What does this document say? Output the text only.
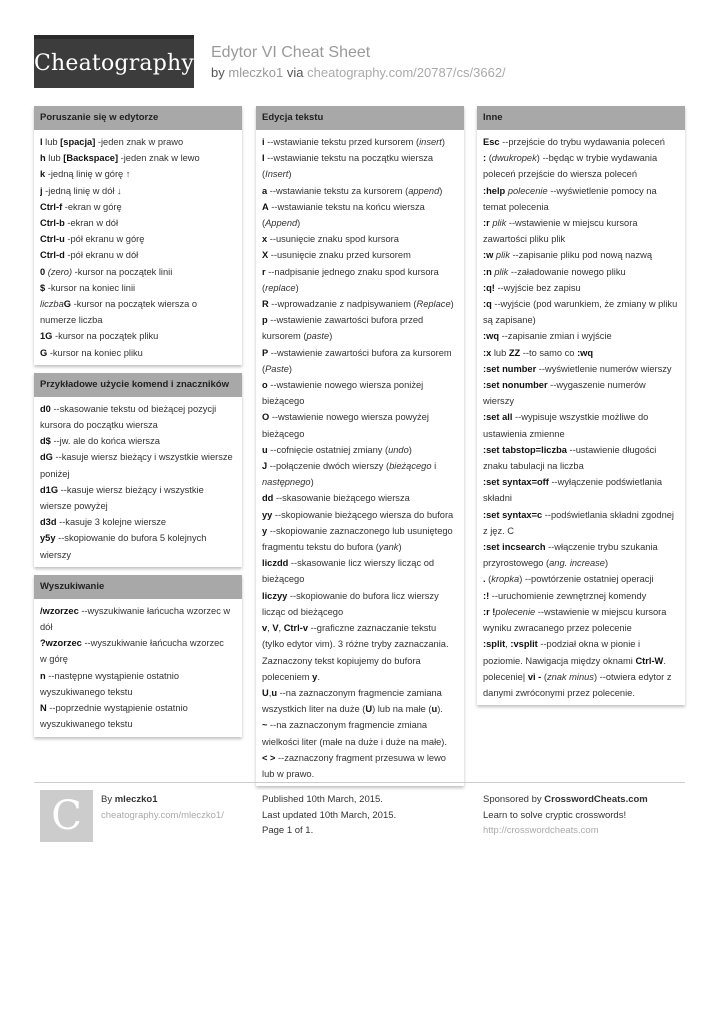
Cheatography Edytor VI Cheat Sheet
by mleczko1 via cheatography.com/20787/cs/3662/
Poruszanie się w edytorze
l lub [spacja] -jeden znak w prawo
h lub [Backspace] -jeden znak w lewo
k -jedną linię w górę ↑
j -jedną linię w dół ↓
Ctrl-f -ekran w górę
Ctrl-b -ekran w dół
Ctrl-u -pół ekranu w górę
Ctrl-d -pół ekranu w dół
0 (zero) -kursor na początek linii
$ -kursor na koniec linii
liczbaG -kursor na początek wiersza o
numerze liczba
1G -kursor na początek pliku
G -kursor na koniec pliku
Przykładowe użycie komend i znaczników
d0 --skasowanie tekstu od bieżącej pozycji
kursora do początku wiersza
d$ --jw. ale do końca wiersza
dG --kasuje wiersz bieżący i wszystkie wiersze
poniżej
d1G --kasuje wiersz bieżący i wszystkie
wiersze powyżej
d3d --kasuje 3 kolejne wiersze
y5y --skopiowanie do bufora 5 kolejnych
wierszy
Wyszukiwanie
/wzorzec --wyszukiwanie łańcucha wzorzec w
dół
?wzorzec --wyszukiwanie łańcucha wzorzec
w górę
n --następne wystąpienie ostatnio
wyszukiwanego tekstu
N --poprzednie wystąpienie ostatnio
wyszukiwanego tekstu
Edycja tekstu
i --wstawianie tekstu przed kursorem (insert)
I --wstawianie tekstu na początku wiersza
(Insert)
a --wstawianie tekstu za kursorem (append)
A --wstawianie tekstu na końcu wiersza
(Append)
x --usunięcie znaku spod kursora
X --usunięcie znaku przed kursorem
r --nadpisanie jednego znaku spod kursora
(replace)
R --wprowadzanie z nadpisywaniem (Replace)
p --wstawienie zawartości bufora przed
kursorem (paste)
P --wstawienie zawartości bufora za kursorem
(Paste)
o --wstawienie nowego wiersza poniżej
bieżącego
O --wstawienie nowego wiersza powyżej
bieżącego
u --cofnięcie ostatniej zmiany (undo)
J --połączenie dwóch wierszy (bieżącego i
następnego)
dd --skasowanie bieżącego wiersza
yy --skopiowanie bieżącego wiersza do bufora
y --skopiowanie zaznaczonego lub usuniętego
fragmentu tekstu do bufora (yank)
liczdd --skasowanie licz wierszy licząc od
bieżącego
liczyy --skopiowanie do bufora licz wierszy
licząc od bieżącego
v, V, Ctrl-v --graficzne zaznaczanie tekstu
(tylko edytor vim). 3 różne tryby zaznaczania.
Zaznaczony tekst kopiujemy do bufora
poleceniem y.
U,u --na zaznaczonym fragmencie zamiana
wszystkich liter na duże (U) lub na małe (u).
~ --na zaznaczonym fragmencie zmiana
wielkości liter (małe na duże i duże na małe).
< > --zaznaczony fragment przesuwa w lewo
lub w prawo.
Inne
Esc --przejście do trybu wydawania poleceń
: (dwukropek) --będąc w trybie wydawania
poleceń przejście do wiersza poleceń
:help polecenie --wyświetlenie pomocy na
temat polecenia
:r plik --wstawienie w miejscu kursora
zawartości pliku plik
:w plik --zapisanie pliku pod nową nazwą
:n plik --załadowanie nowego pliku
:q! --wyjście bez zapisu
:q --wyjście (pod warunkiem, że zmiany w pliku
są zapisane)
:wq --zapisanie zmian i wyjście
:x lub ZZ --to samo co :wq
:set number --wyświetlenie numerów wierszy
:set nonumber --wygaszenie numerów
wierszy
:set all --wypisuje wszystkie możliwe do
ustawienia zmienne
:set tabstop=liczba --ustawienie długości
znaku tabulacji na liczba
:set syntax=off --wyłączenie podświetlania
składni
:set syntax=c --podświetlania składni zgodnej
z jęz. C
:set incsearch --włączenie trybu szukania
przyrostowego (ang. increase)
. (kropka) --powtórzenie ostatniej operacji
:! --uruchomienie zewnętrznej komendy
:r !polecenie --wstawienie w miejscu kursora
wyniku zwracanego przez polecenie
:split, :vsplit --podział okna w pionie i
poziomie. Nawigacja między oknami Ctrl-W.
polecenie| vi - (znak minus) --otwiera edytor z
danymi zwróconymi przez polecenie.
C By mleczko1
cheatography.com/mleczko1/
Published 10th March, 2015.
Last updated 10th March, 2015.
Page 1 of 1.
Sponsored by CrosswordCheats.com
Learn to solve cryptic crosswords!
http://crosswordcheats.com
